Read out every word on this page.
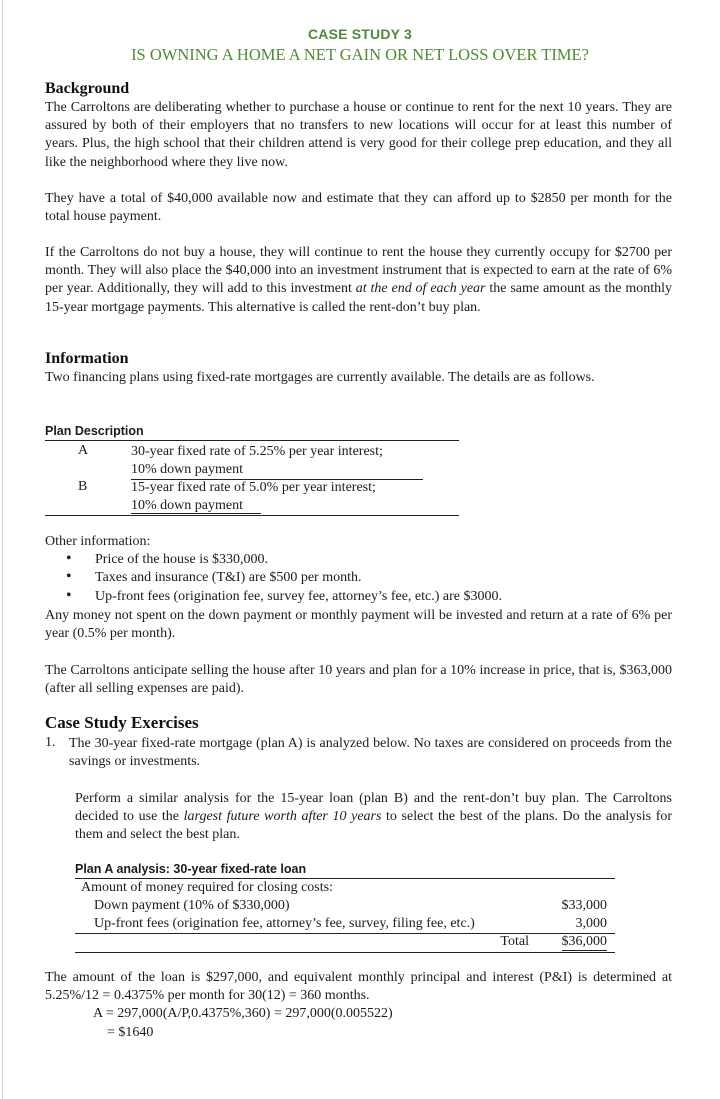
CASE STUDY 3
IS OWNING A HOME A NET GAIN OR NET LOSS OVER TIME?
Background

The Carroltons are deliberating whether to purchase a house or continue to rent for the next 10 years. They are assured by both of their employers that no transfers to new locations will occur for at least this number of years. Plus, the high school that their children attend is very good for their college prep education, and they all like the neighborhood where they live now.

They have a total of $40,000 available now and estimate that they can afford up to $2850 per month for the total house payment.

If the Carroltons do not buy a house, they will continue to rent the house they currently occupy for $2700 per month. They will also place the $40,000 into an investment instrument that is expected to earn at the rate of 6% per year. Additionally, they will add to this investment at the end of each year the same amount as the monthly 15-year mortgage payments. This alternative is called the rent-don’t buy plan.

Information

Two financing plans using fixed-rate mortgages are currently available. The details are as follows.

Plan Description
A	30-year fixed rate of 5.25% per year interest;
10% down payment
B	15-year fixed rate of 5.0% per year interest;
10% down payment

Other information:

• Price of the house is $330,000.
• Taxes and insurance (T&I) are $500 per month.
• Up-front fees (origination fee, survey fee, attorney’s fee, etc.) are $3000.

Any money not spent on the down payment or monthly payment will be invested and return at a rate of 6% per year (0.5% per month).

The Carroltons anticipate selling the house after 10 years and plan for a 10% increase in price, that is, $363,000 (after all selling expenses are paid).

Case Study Exercises
1. The 30-year fixed-rate mortgage (plan A) is analyzed below. No taxes are considered on proceeds from the savings or investments.

Perform a similar analysis for the 15-year loan (plan B) and the rent-don’t buy plan. The Carroltons decided to use the largest future worth after 10 years to select the best of the plans. Do the analysis for them and select the best plan.

Plan A analysis: 30-year fixed-rate loan
Amount of money required for closing costs:
Down payment (10% of $330,000)	$33,000
Up-front fees (origination fee, attorney’s fee, survey, filing fee, etc.)	3,000
Total $36,000

The amount of the loan is $297,000, and equivalent monthly principal and interest (P&I) is determined at 5.25%/12 = 0.4375% per month for 30(12) = 360 months.

A = 297,000(A/P,0.4375%,360) = 297,000(0.005522)
= $1640
